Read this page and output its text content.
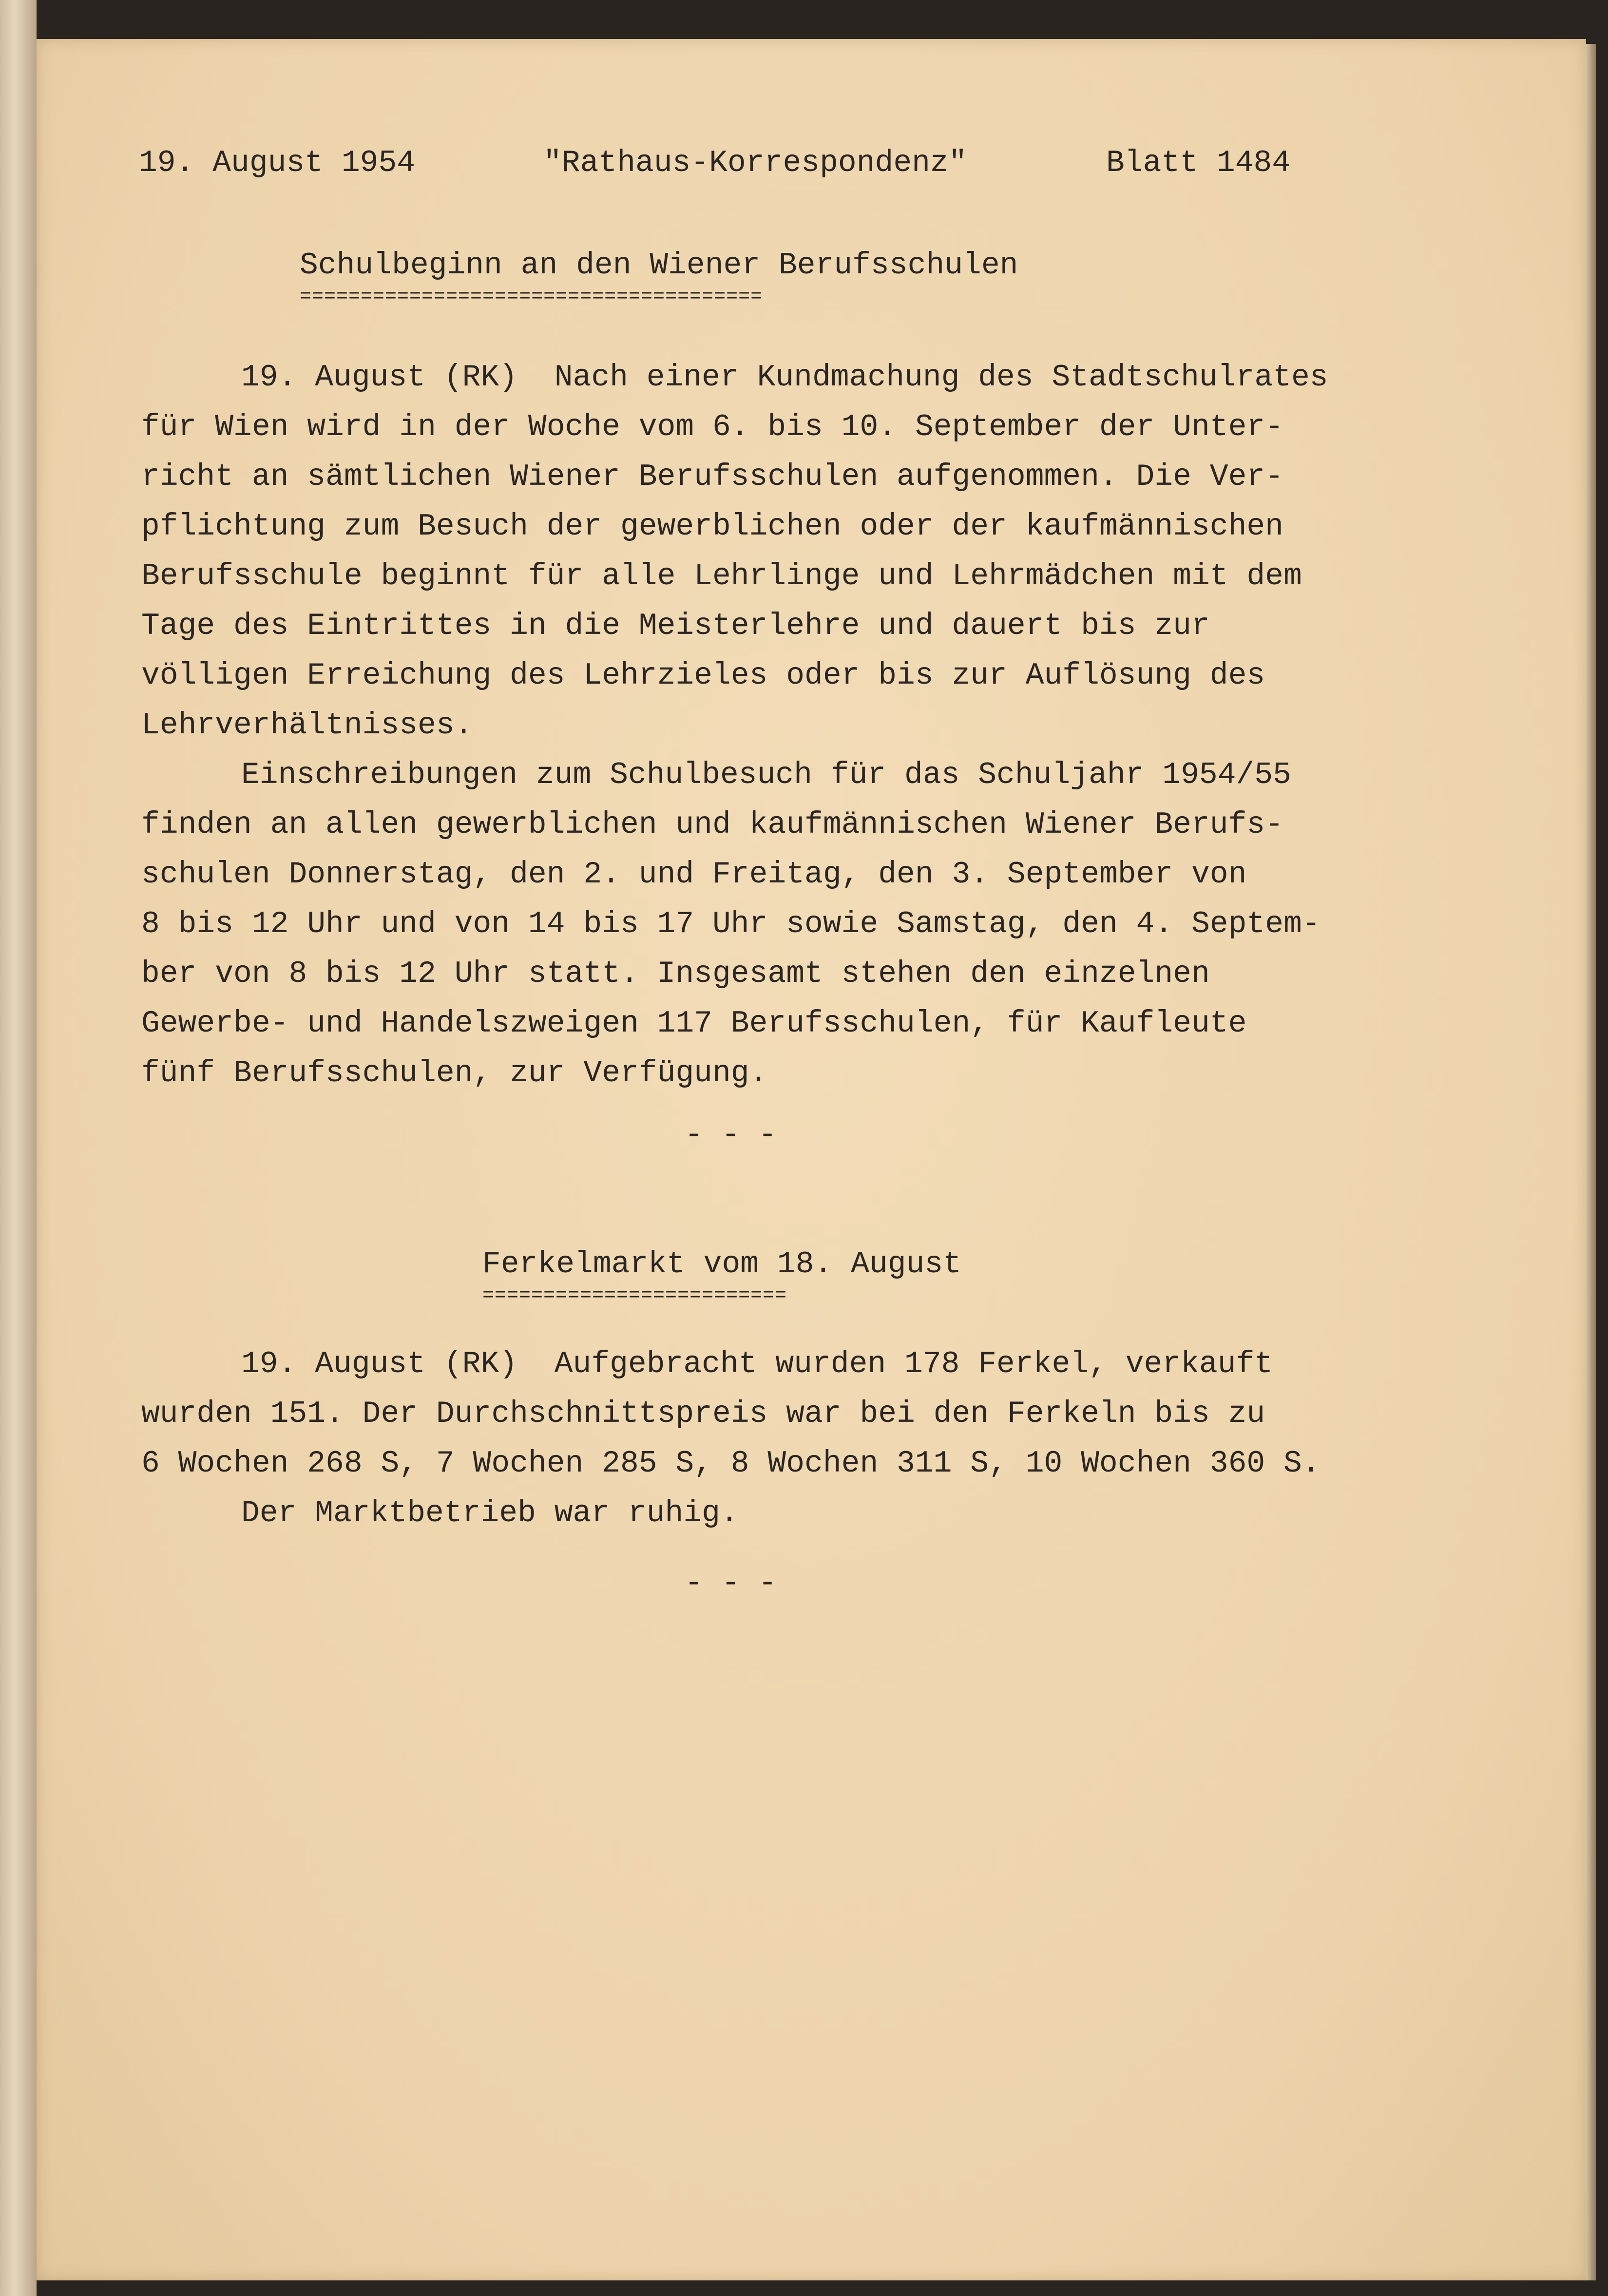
19. August 1954	"Rathaus-Korrespondenz"	Blatt 1484

Schulbeginn an den Wiener Berufsschulen

======================================

19. August (RK)  Nach einer Kundmachung des Stadtschulrates

für Wien wird in der Woche vom 6. bis 10. September der Unter-

richt an sämtlichen Wiener Berufsschulen aufgenommen. Die Ver-

pflichtung zum Besuch der gewerblichen oder der kaufmännischen

Berufsschule beginnt für alle Lehrlinge und Lehrmädchen mit dem

Tage des Eintrittes in die Meisterlehre und dauert bis zur

völligen Erreichung des Lehrzieles oder bis zur Auflösung des

Lehrverhältnisses.

Einschreibungen zum Schulbesuch für das Schuljahr 1954/55

finden an allen gewerblichen und kaufmännischen Wiener Berufs-

schulen Donnerstag, den 2. und Freitag, den 3. September von

8 bis 12 Uhr und von 14 bis 17 Uhr sowie Samstag, den 4. Septem-

ber von 8 bis 12 Uhr statt. Insgesamt stehen den einzelnen

Gewerbe- und Handelszweigen 117 Berufsschulen, für Kaufleute

fünf Berufsschulen, zur Verfügung.

- - -

Ferkelmarkt vom 18. August

=========================

19. August (RK)  Aufgebracht wurden 178 Ferkel, verkauft

wurden 151. Der Durchschnittspreis war bei den Ferkeln bis zu

6 Wochen 268 S, 7 Wochen 285 S, 8 Wochen 311 S, 10 Wochen 360 S.

Der Marktbetrieb war ruhig.

- - -
